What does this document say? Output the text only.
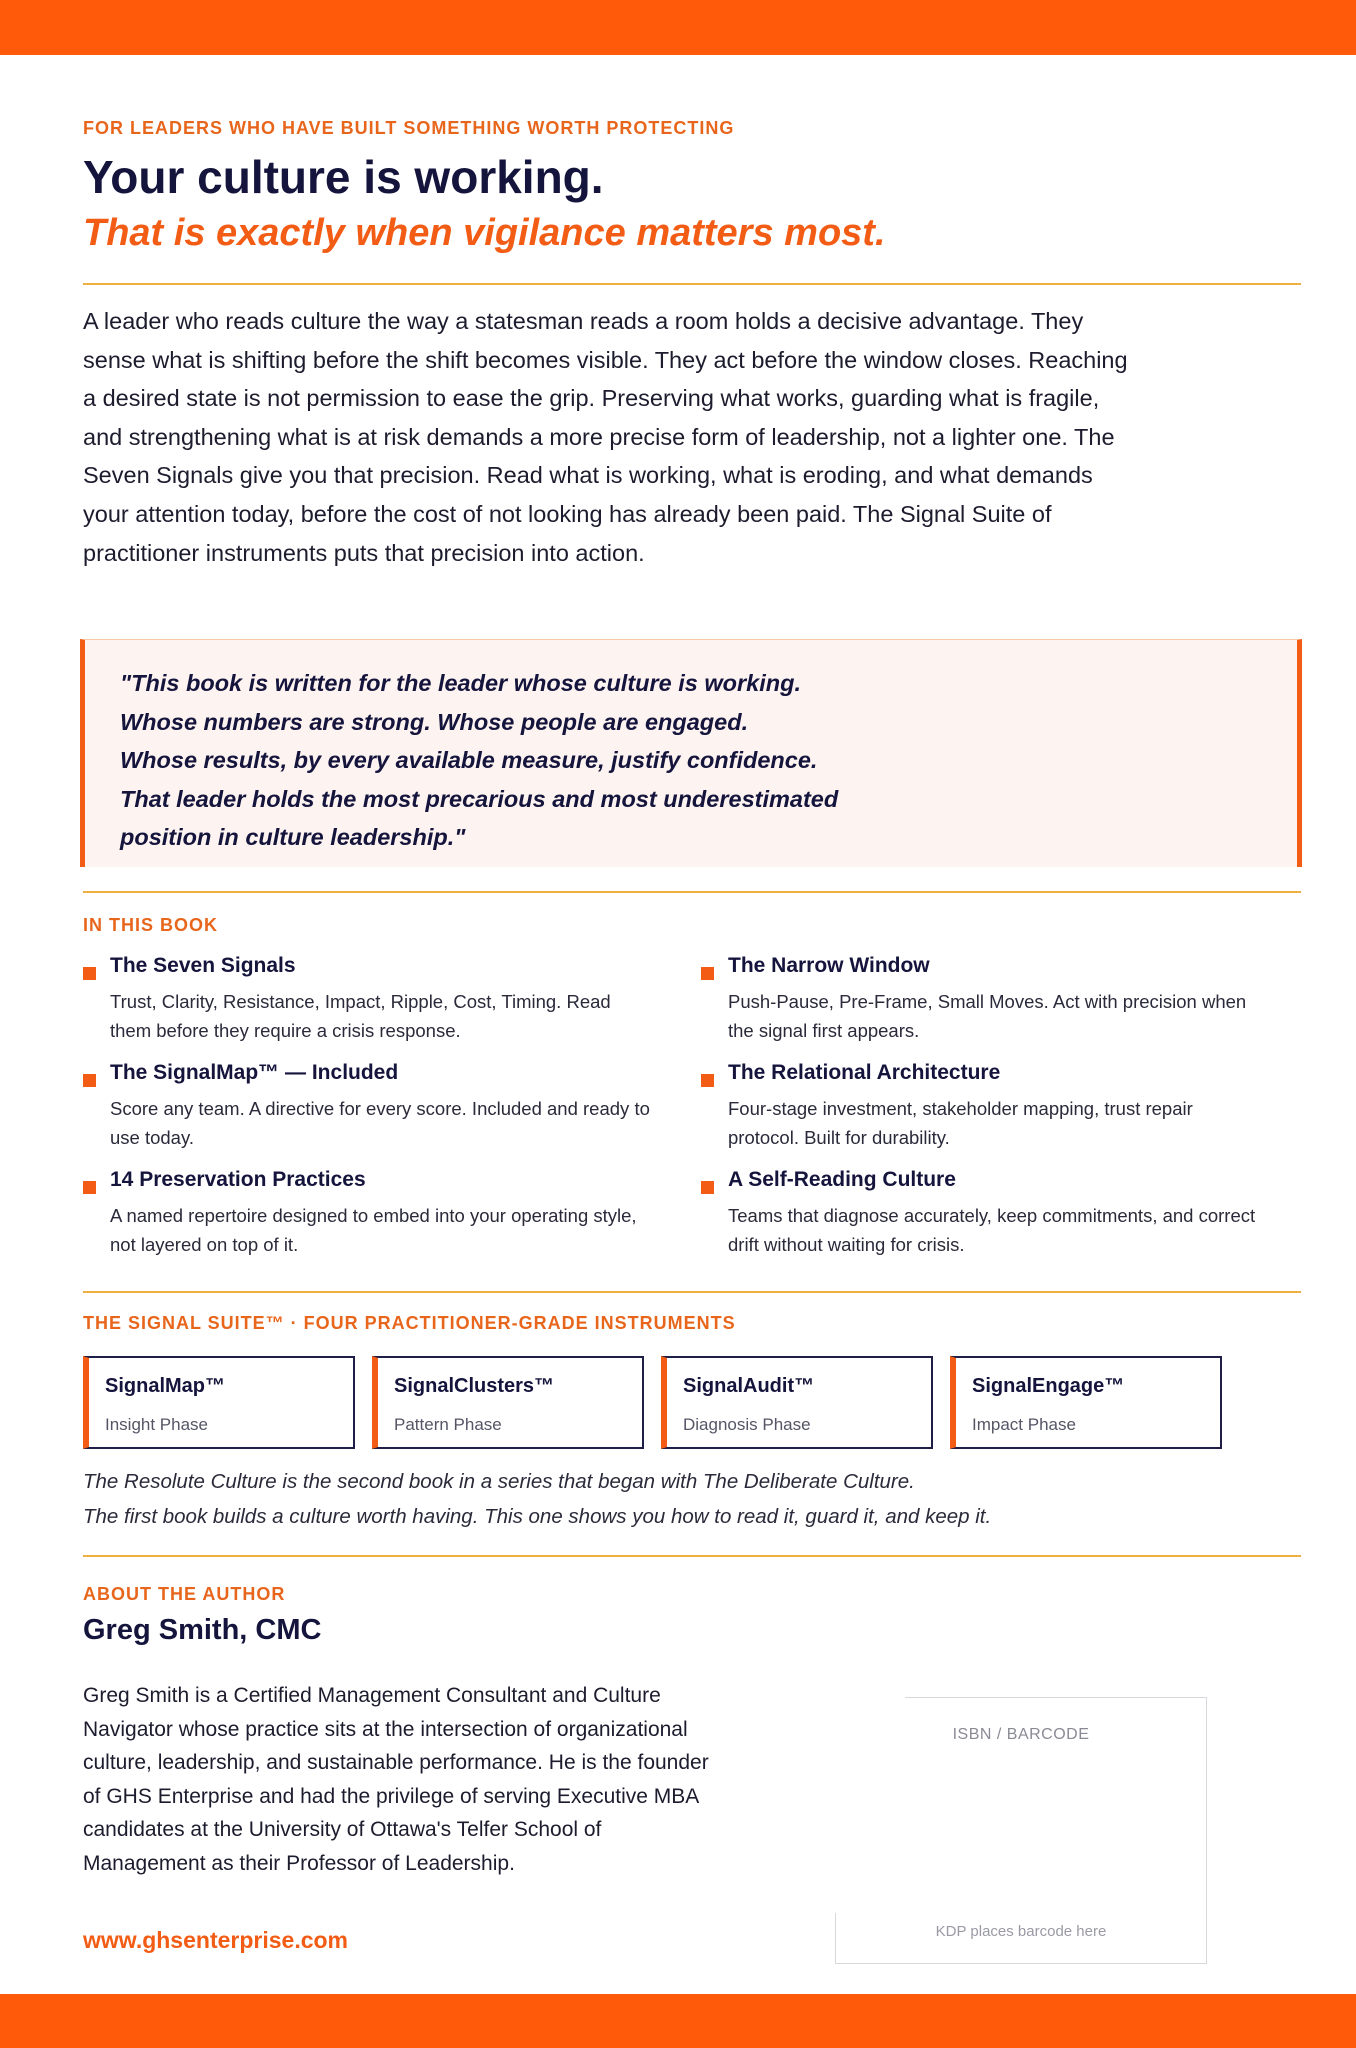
FOR LEADERS WHO HAVE BUILT SOMETHING WORTH PROTECTING
Your culture is working.
That is exactly when vigilance matters most.

A leader who reads culture the way a statesman reads a room holds a decisive advantage. They sense what is shifting before the shift becomes visible. They act before the window closes. Reaching a desired state is not permission to ease the grip. Preserving what works, guarding what is fragile, and strengthening what is at risk demands a more precise form of leadership, not a lighter one. The Seven Signals give you that precision. Read what is working, what is eroding, and what demands your attention today, before the cost of not looking has already been paid. The Signal Suite of practitioner instruments puts that precision into action.

"This book is written for the leader whose culture is working.
Whose numbers are strong. Whose people are engaged.
Whose results, by every available measure, justify confidence.
That leader holds the most precarious and most underestimated
position in culture leadership."

IN THIS BOOK
The Seven Signals

Trust, Clarity, Resistance, Impact, Ripple, Cost, Timing. Read them before they require a crisis response.

The Narrow Window

Push-Pause, Pre-Frame, Small Moves. Act with precision when the signal first appears.

The SignalMap™ — Included

Score any team. A directive for every score. Included and ready to use today.

The Relational Architecture

Four-stage investment, stakeholder mapping, trust repair protocol. Built for durability.

14 Preservation Practices

A named repertoire designed to embed into your operating style, not layered on top of it.

A Self-Reading Culture

Teams that diagnose accurately, keep commitments, and correct drift without waiting for crisis.

THE SIGNAL SUITE™ · FOUR PRACTITIONER-GRADE INSTRUMENTS
SignalMap™
Insight Phase
SignalClusters™
Pattern Phase
SignalAudit™
Diagnosis Phase
SignalEngage™
Impact Phase

The Resolute Culture is the second book in a series that began with The Deliberate Culture.
The first book builds a culture worth having. This one shows you how to read it, guard it, and keep it.

ABOUT THE AUTHOR
Greg Smith, CMC

Greg Smith is a Certified Management Consultant and Culture Navigator whose practice sits at the intersection of organizational culture, leadership, and sustainable performance. He is the founder of GHS Enterprise and had the privilege of serving Executive MBA candidates at the University of Ottawa's Telfer School of Management as their Professor of Leadership.

www.ghsenterprise.com
ISBN / BARCODE
KDP places barcode here
